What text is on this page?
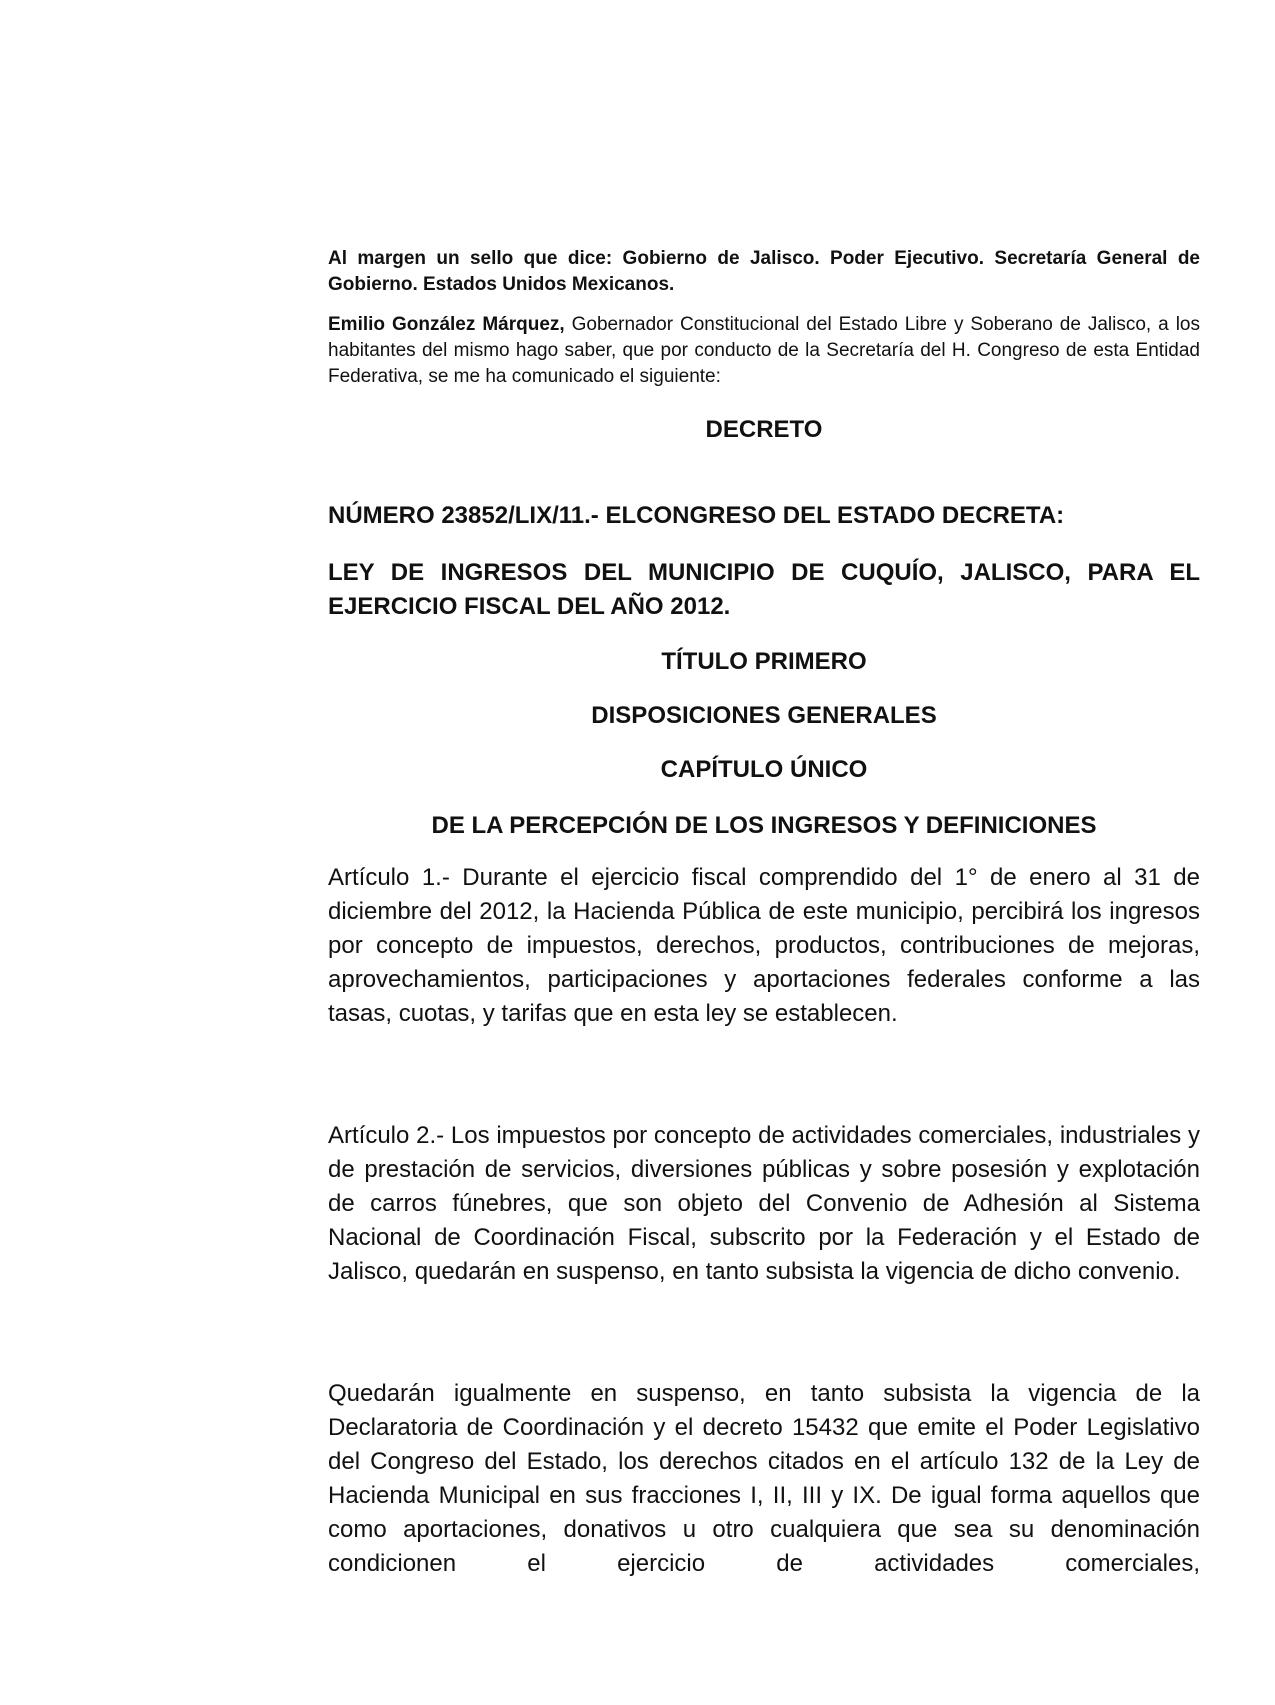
Al margen un sello que dice: Gobierno de Jalisco. Poder Ejecutivo. Secretaría General de Gobierno. Estados Unidos Mexicanos.

Emilio González Márquez, Gobernador Constitucional del Estado Libre y Soberano de Jalisco, a los habitantes del mismo hago saber, que por conducto de la Secretaría del H. Congreso de esta Entidad Federativa, se me ha comunicado el siguiente:

DECRETO

NÚMERO 23852/LIX/11.- ELCONGRESO DEL ESTADO DECRETA:

LEY DE INGRESOS DEL MUNICIPIO DE CUQUÍO, JALISCO, PARA EL EJERCICIO FISCAL DEL AÑO 2012.

TÍTULO PRIMERO

DISPOSICIONES GENERALES

CAPÍTULO ÚNICO

DE LA PERCEPCIÓN DE LOS INGRESOS Y DEFINICIONES

Artículo 1.- Durante el ejercicio fiscal comprendido del 1° de enero al 31 de diciembre del 2012, la Hacienda Pública de este municipio, percibirá los ingresos por concepto de impuestos, derechos, productos, contribuciones de mejoras, aprovechamientos, participaciones y aportaciones federales conforme a las tasas, cuotas, y tarifas que en esta ley se establecen.

Artículo 2.- Los impuestos por concepto de actividades comerciales, industriales y de prestación de servicios, diversiones públicas y sobre posesión y explotación de carros fúnebres, que son objeto del Convenio de Adhesión al Sistema Nacional de Coordinación Fiscal, subscrito por la Federación y el Estado de Jalisco, quedarán en suspenso, en tanto subsista la vigencia de dicho convenio.

Quedarán igualmente en suspenso, en tanto subsista la vigencia de la Declaratoria de Coordinación y el decreto 15432 que emite el Poder Legislativo del Congreso del Estado, los derechos citados en el artículo 132 de la Ley de Hacienda Municipal en sus fracciones I, II, III y IX. De igual forma aquellos que como aportaciones, donativos u otro cualquiera que sea su denominación condicionen el ejercicio de actividades comerciales,
